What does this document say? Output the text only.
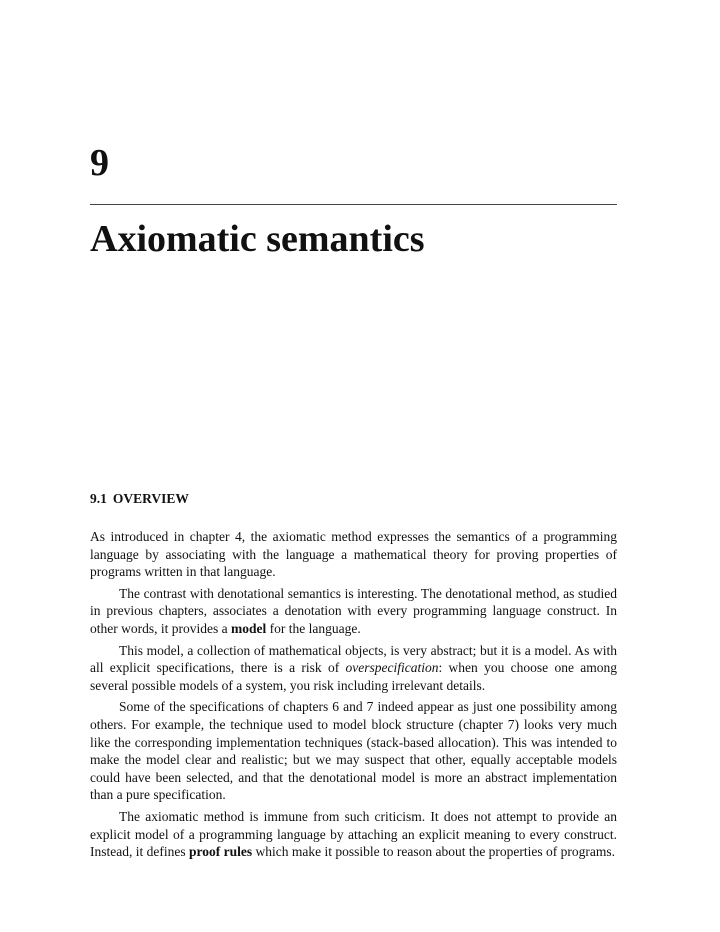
9
Axiomatic semantics
9.1 OVERVIEW

As introduced in chapter 4, the axiomatic method expresses the semantics of a programming language by associating with the language a mathematical theory for proving properties of programs written in that language.

The contrast with denotational semantics is interesting. The denotational method, as studied in previous chapters, associates a denotation with every programming language construct. In other words, it provides a model for the language.

This model, a collection of mathematical objects, is very abstract; but it is a model. As with all explicit specifications, there is a risk of overspecification: when you choose one among several possible models of a system, you risk including irrelevant details.

Some of the specifications of chapters 6 and 7 indeed appear as just one possibility among others. For example, the technique used to model block structure (chapter 7) looks very much like the corresponding implementation techniques (stack-based allocation). This was intended to make the model clear and realistic; but we may suspect that other, equally acceptable models could have been selected, and that the denotational model is more an abstract implementation than a pure specification.

The axiomatic method is immune from such criticism. It does not attempt to provide an explicit model of a programming language by attaching an explicit meaning to every construct. Instead, it defines proof rules which make it possible to reason about the properties of programs.
